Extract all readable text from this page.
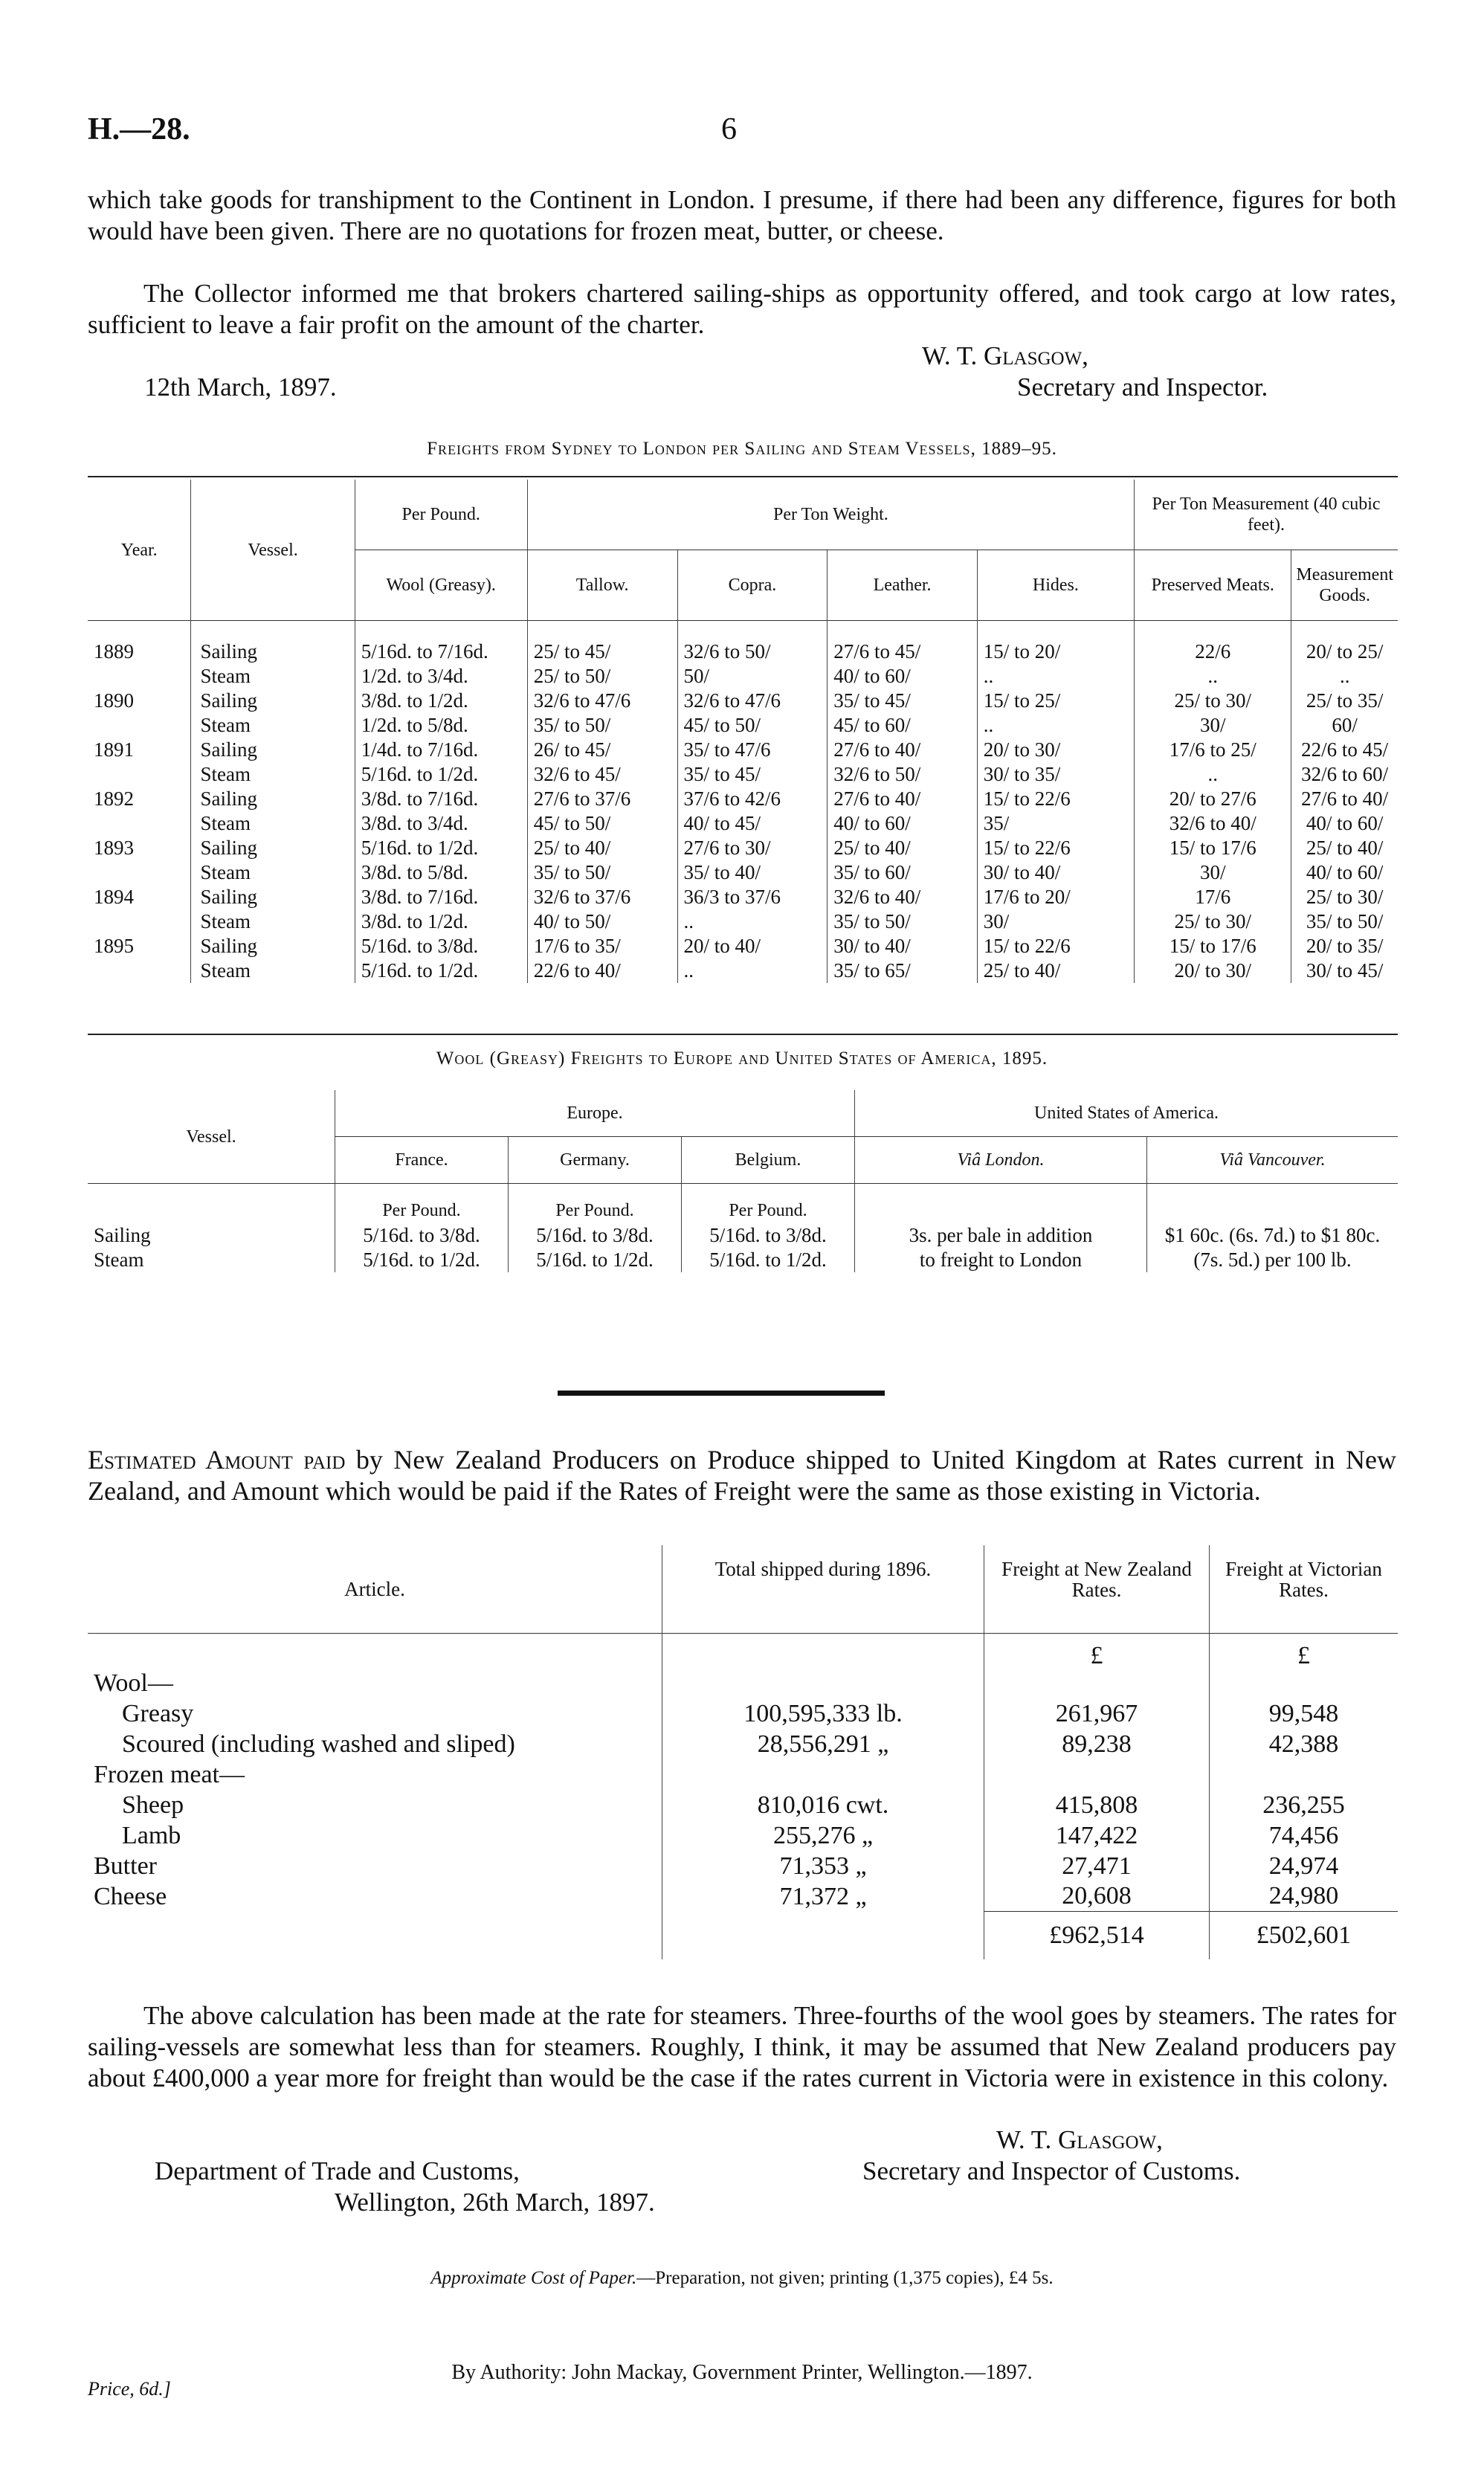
H.—28.	6
which take goods for transhipment to the Continent in London. I presume, if there had been any difference, figures for both would have been given. There are no quotations for frozen meat, butter, or cheese.
The Collector informed me that brokers chartered sailing-ships as opportunity offered, and took cargo at low rates, sufficient to leave a fair profit on the amount of the charter.
W. T. Glasgow,
12th March, 1897.	Secretary and Inspector.
Freights from Sydney to London per Sailing and Steam Vessels, 1889–95.
Year.	Vessel.	Per Pound.	Per Ton Weight.				Per Ton Measurement (40 cubic feet).	
		Wool (Greasy).	Tallow.	Copra.	Leather.	Hides.	Preserved Meats.	Measurement Goods.
1889	Sailing	5/16d. to 7/16d.	25/ to 45/	32/6 to 50/	27/6 to 45/	15/ to 20/	22/6	20/ to 25/
	Steam	1/2d. to 3/4d.	25/ to 50/	50/	40/ to 60/	..	..	..
1890	Sailing	3/8d. to 1/2d.	32/6 to 47/6	32/6 to 47/6	35/ to 45/	15/ to 25/	25/ to 30/	25/ to 35/
	Steam	1/2d. to 5/8d.	35/ to 50/	45/ to 50/	45/ to 60/	..	30/	60/
1891	Sailing	1/4d. to 7/16d.	26/ to 45/	35/ to 47/6	27/6 to 40/	20/ to 30/	17/6 to 25/	22/6 to 45/
	Steam	5/16d. to 1/2d.	32/6 to 45/	35/ to 45/	32/6 to 50/	30/ to 35/	..	32/6 to 60/
1892	Sailing	3/8d. to 7/16d.	27/6 to 37/6	37/6 to 42/6	27/6 to 40/	15/ to 22/6	20/ to 27/6	27/6 to 40/
	Steam	3/8d. to 3/4d.	45/ to 50/	40/ to 45/	40/ to 60/	35/	32/6 to 40/	40/ to 60/
1893	Sailing	5/16d. to 1/2d.	25/ to 40/	27/6 to 30/	25/ to 40/	15/ to 22/6	15/ to 17/6	25/ to 40/
	Steam	3/8d. to 5/8d.	35/ to 50/	35/ to 40/	35/ to 60/	30/ to 40/	30/	40/ to 60/
1894	Sailing	3/8d. to 7/16d.	32/6 to 37/6	36/3 to 37/6	32/6 to 40/	17/6 to 20/	17/6	25/ to 30/
	Steam	3/8d. to 1/2d.	40/ to 50/	..	35/ to 50/	30/	25/ to 30/	35/ to 50/
1895	Sailing	5/16d. to 3/8d.	17/6 to 35/	20/ to 40/	30/ to 40/	15/ to 22/6	15/ to 17/6	20/ to 35/
	Steam	5/16d. to 1/2d.	22/6 to 40/	..	35/ to 65/	25/ to 40/	20/ to 30/	30/ to 45/
Wool (Greasy) Freights to Europe and United States of America, 1895.
Vessel.	Europe.			United States of America.	
	France.	Germany.	Belgium.	Viâ London.	Viâ Vancouver.
	Per Pound.	Per Pound.	Per Pound.		
Sailing	5/16d. to 3/8d.	5/16d. to 3/8d.	5/16d. to 3/8d.	3s. per bale in addition	$1 60c. (6s. 7d.) to $1 80c.
Steam	5/16d. to 1/2d.	5/16d. to 1/2d.	5/16d. to 1/2d.	to freight to London	(7s. 5d.) per 100 lb.
Estimated Amount paid by New Zealand Producers on Produce shipped to United Kingdom at Rates current in New Zealand, and Amount which would be paid if the Rates of Freight were the same as those existing in Victoria.
Article.	Total shipped during 1896.	Freight at New Zealand Rates.	Freight at Victorian Rates.
		£	£
Wool—			
Greasy	100,595,333 lb.	261,967	99,548
Scoured (including washed and sliped)	28,556,291 „	89,238	42,388
Frozen meat—			
Sheep	810,016 cwt.	415,808	236,255
Lamb	255,276 „	147,422	74,456
Butter	71,353 „	27,471	24,974
Cheese	71,372 „	20,608	24,980
		£962,514	£502,601
The above calculation has been made at the rate for steamers. Three-fourths of the wool goes by steamers. The rates for sailing-vessels are somewhat less than for steamers. Roughly, I think, it may be assumed that New Zealand producers pay about £400,000 a year more for freight than would be the case if the rates current in Victoria were in existence in this colony.
W. T. Glasgow,
Department of Trade and Customs,	Secretary and Inspector of Customs.
Wellington, 26th March, 1897.
Approximate Cost of Paper.—Preparation, not given; printing (1,375 copies), £4 5s.
By Authority: John Mackay, Government Printer, Wellington.—1897.
Price, 6d.]
